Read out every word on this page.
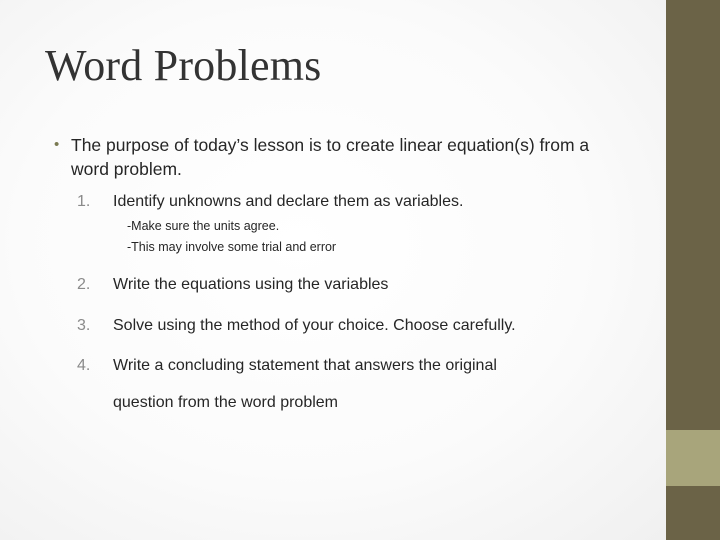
Word Problems
• The purpose of today’s lesson is to create linear equation(s) from a word problem.
1. Identify unknowns and declare them as variables.
-Make sure the units agree.
-This may involve some trial and error
2. Write the equations using the variables
3. Solve using the method of your choice. Choose carefully.
4. Write a concluding statement that answers the original
question from the word problem
